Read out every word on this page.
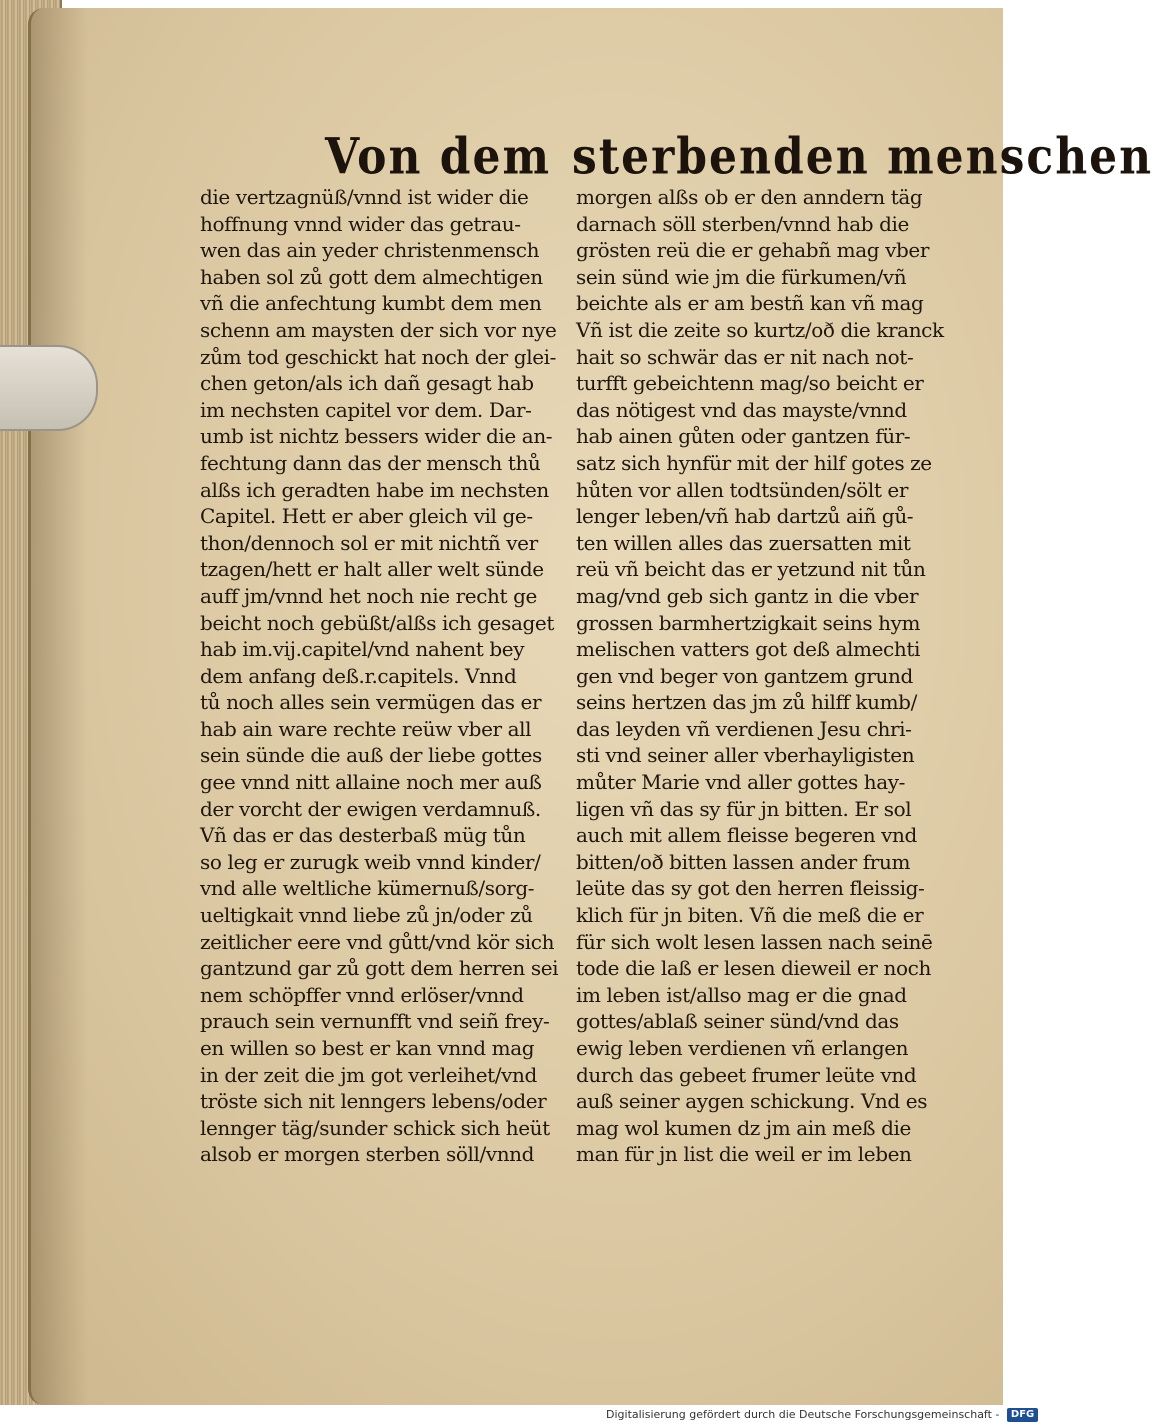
Von dem sterbenden menschen
die vertzagnüß/vnnd ist wider die
hoffnung vnnd wider das getrau-
wen das ain yeder christenmensch
haben sol zů gott dem almechtigen
vñ die anfechtung kumbt dem men
schenn am maysten der sich vor nye
zům tod geschickt hat noch der glei-
chen geton/als ich dañ gesagt hab
im nechsten capitel vor dem. Dar-
umb ist nichtz bessers wider die an-
fechtung dann das der mensch thů
alßs ich geradten habe im nechsten
Capitel. Hett er aber gleich vil ge-
thon/dennoch sol er mit nichtñ ver
tzagen/hett er halt aller welt sünde
auff jm/vnnd het noch nie recht ge
beicht noch gebüßt/alßs ich gesaget
hab im.vij.capitel/vnd nahent bey
dem anfang deß.r.capitels. Vnnd
tů noch alles sein vermügen das er
hab ain ware rechte reüw vber all
sein sünde die auß der liebe gottes
gee vnnd nitt allaine noch mer auß
der vorcht der ewigen verdamnuß.
Vñ das er das desterbaß müg tůn
so leg er zurugk weib vnnd kinder/
vnd alle weltliche kümernuß/sorg-
ueltigkait vnnd liebe zů jn/oder zů
zeitlicher eere vnd gůtt/vnd kör sich
gantzund gar zů gott dem herren sei
nem schöpffer vnnd erlöser/vnnd
prauch sein vernunfft vnd seiñ frey-
en willen so best er kan vnnd mag
in der zeit die jm got verleihet/vnd
tröste sich nit lenngers lebens/oder
lennger täg/sunder schick sich heüt
alsob er morgen sterben söll/vnnd
morgen alßs ob er den anndern täg
darnach söll sterben/vnnd hab die
grösten reü die er gehabñ mag vber
sein sünd wie jm die fürkumen/vñ
beichte als er am bestñ kan vñ mag
Vñ ist die zeite so kurtz/oð die kranck
hait so schwär das er nit nach not-
turfft gebeichtenn mag/so beicht er
das nötigest vnd das mayste/vnnd
hab ainen gůten oder gantzen für-
satz sich hynfür mit der hilf gotes ze
hůten vor allen todtsünden/sölt er
lenger leben/vñ hab dartzů aiñ gů-
ten willen alles das zuersatten mit
reü vñ beicht das er yetzund nit tůn
mag/vnd geb sich gantz in die vber
grossen barmhertzigkait seins hym
melischen vatters got deß almechti
gen vnd beger von gantzem grund
seins hertzen das jm zů hilff kumb/
das leyden vñ verdienen Jesu chri-
sti vnd seiner aller vberhayligisten
můter Marie vnd aller gottes hay-
ligen vñ das sy für jn bitten. Er sol
auch mit allem fleisse begeren vnd
bitten/oð bitten lassen ander frum
leüte das sy got den herren fleissig-
klich für jn biten. Vñ die meß die er
für sich wolt lesen lassen nach seinē
tode die laß er lesen dieweil er noch
im leben ist/allso mag er die gnad
gottes/ablaß seiner sünd/vnd das
ewig leben verdienen vñ erlangen
durch das gebeet frumer leüte vnd
auß seiner aygen schickung. Vnd es
mag wol kumen dz jm ain meß die
man für jn list die weil er im leben
Digitalisierung gefördert durch die Deutsche Forschungsgemeinschaft - DFG
